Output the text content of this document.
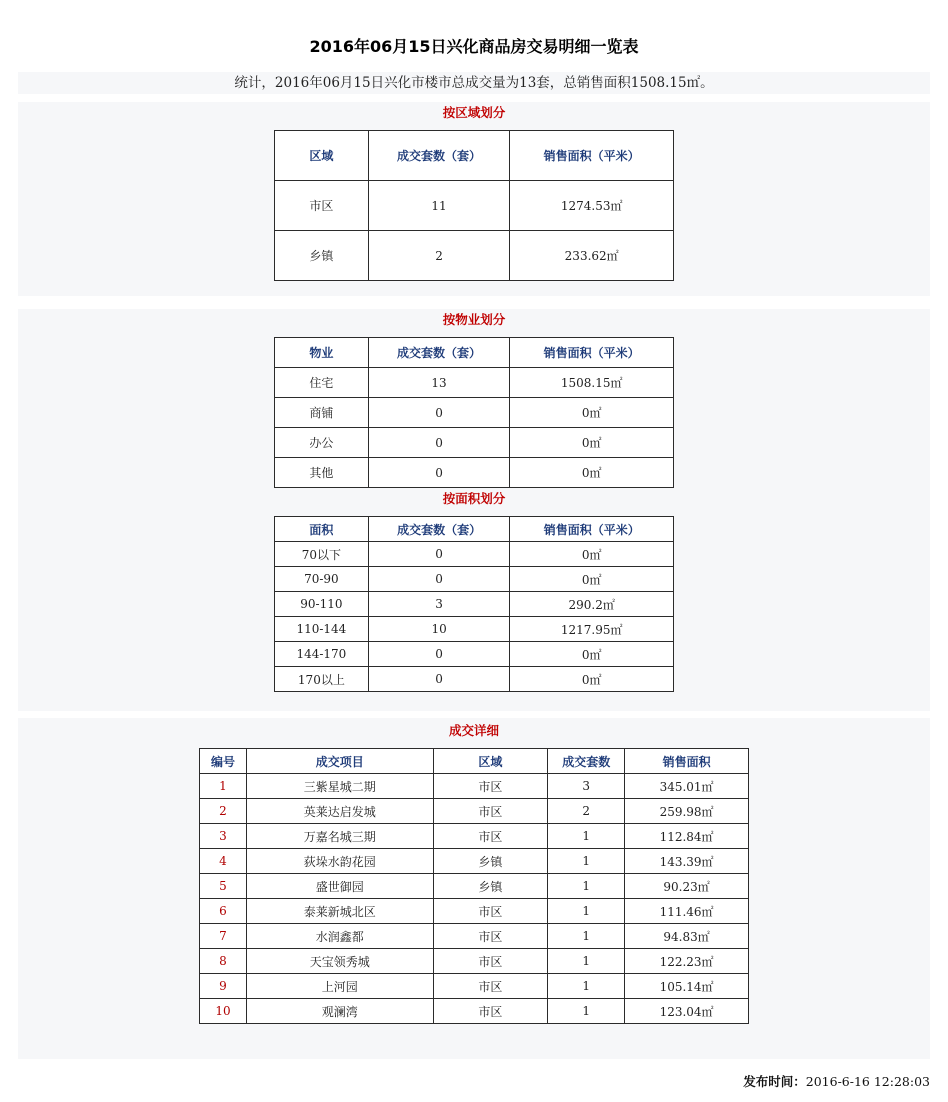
2016年06月15日兴化商品房交易明细一览表
统计，2016年06月15日兴化市楼市总成交量为13套，总销售面积1508.15㎡。
按区域划分
区域	成交套数（套）	销售面积（平米）
市区	11	1274.53㎡
乡镇	2	233.62㎡
按物业划分
物业	成交套数（套）	销售面积（平米）
住宅	13	1508.15㎡
商铺	0	0㎡
办公	0	0㎡
其他	0	0㎡
按面积划分
面积	成交套数（套）	销售面积（平米）
70以下	0	0㎡
70-90	0	0㎡
90-110	3	290.2㎡
110-144	10	1217.95㎡
144-170	0	0㎡
170以上	0	0㎡
成交详细
编号	成交项目	区域	成交套数	销售面积
1	三紫星城二期	市区	3	345.01㎡
2	英莱达启发城	市区	2	259.98㎡
3	万嘉名城三期	市区	1	112.84㎡
4	荻垛水韵花园	乡镇	1	143.39㎡
5	盛世御园	乡镇	1	90.23㎡
6	泰莱新城北区	市区	1	111.46㎡
7	水润鑫都	市区	1	94.83㎡
8	天宝领秀城	市区	1	122.23㎡
9	上河园	市区	1	105.14㎡
10	观澜湾	市区	1	123.04㎡
发布时间：2016-6-16 12:28:03
